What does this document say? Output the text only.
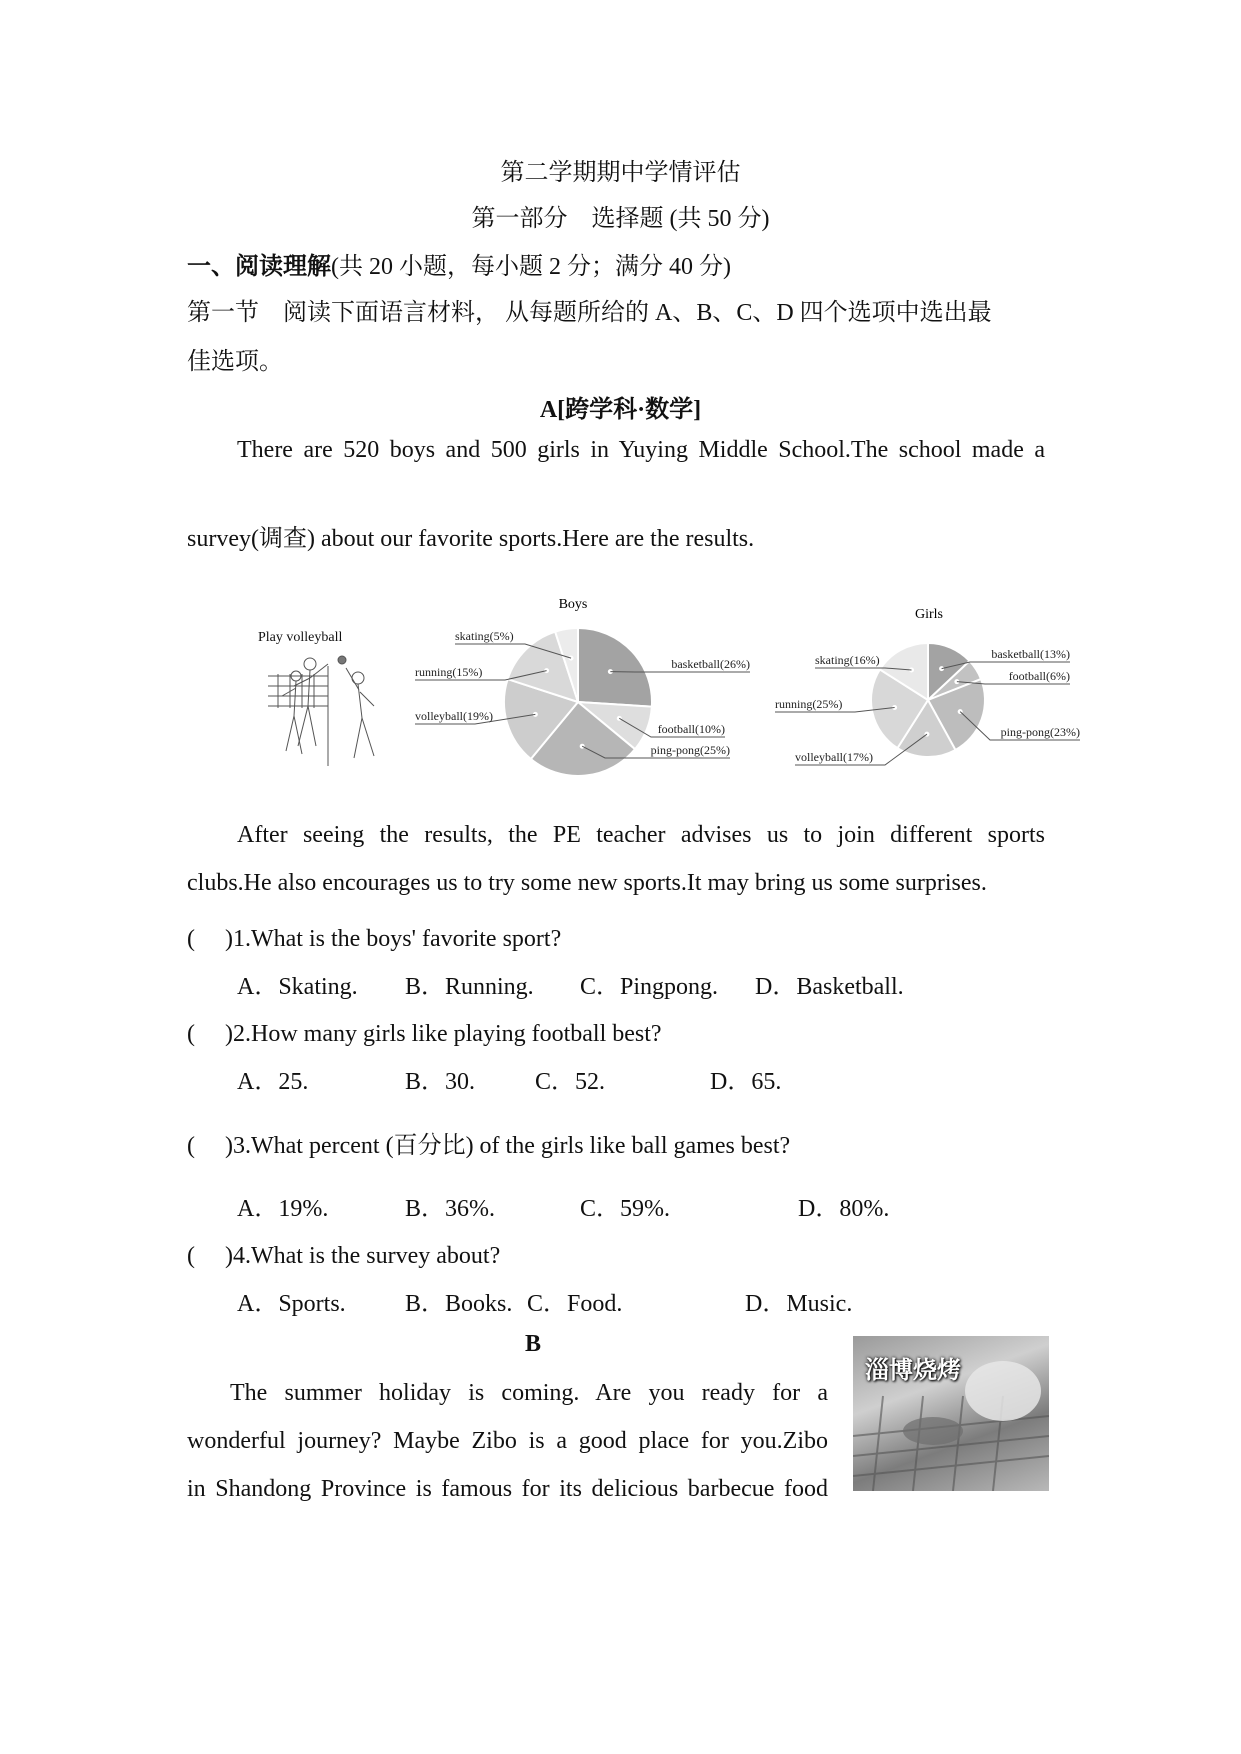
第二学期期中学情评估
第一部分　选择题 (共 50 分)
一、阅读理解(共 20 小题，每小题 2 分；满分 40 分)
第一节　阅读下面语言材料， 从每题所给的 A、B、C、D 四个选项中选出最
佳选项。
A[跨学科·数学]
There are 520 boys and 500 girls in Yuying Middle School.The school made a
survey(调查) about our favorite sports.Here are the results.
Play volleyball
Boys
basketball(26%)
football(10%)
ping-pong(25%)
volleyball(19%)
running(15%)
skating(5%)
Girls
basketball(13%)
football(6%)
ping-pong(23%)
volleyball(17%)
running(25%)
skating(16%)
After seeing the results, the PE teacher advises us to join different sports
clubs.He also encourages us to try some new sports.It may bring us some surprises.
(　 )1.What is the boys' favorite sport?
A．Skating. B．Running. C．Pingpong. D．Basketball.
(　 )2.How many girls like playing football best?
A．25.	B．30. C．52.	D．65.
(　 )3.What percent (百分比) of the girls like ball games best?
A．19%.	B．36%.	C．59%.	D．80%.
(　 )4.What is the survey about?
A．Sports. B．Books. C．Food.	D．Music.
B
The summer holiday is coming. Are you ready for a
wonderful journey? Maybe Zibo is a good place for you.Zibo
in Shandong Province is famous for its delicious barbecue food
淄博烧烤
